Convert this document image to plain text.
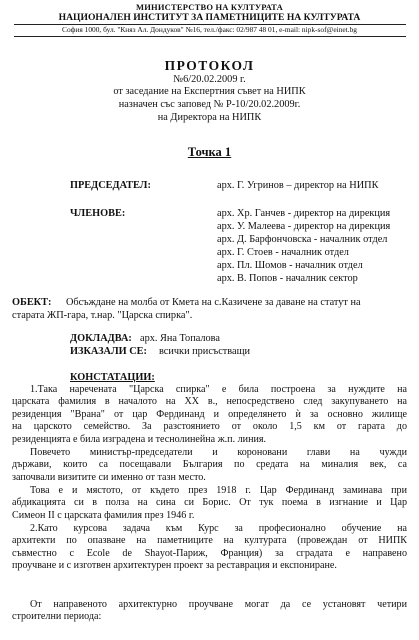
МИНИСТЕРСТВО НА КУЛТУРАТА
НАЦИОНАЛЕН ИНСТИТУТ ЗА ПАМЕТНИЦИТЕ НА КУЛТУРАТА
София 1000, бул. "Княз Ал. Дондуков" №16, тел./факс: 02/987 48 01, e-mail: nipk-sof@einet.bg
ПРОТОКОЛ
№6/20.02.2009 г.
от заседание на Експертния съвет на НИПК
назначен със заповед № Р-10/20.02.2009г.
на Директора на НИПК
Точка 1
ПРЕДСЕДАТЕЛ:	арх. Г. Угринов – директор на НИПК
ЧЛЕНОВЕ:	арх. Хр. Ганчев - директор на дирекция
арх. У. Малеева - директор на дирекция
арх. Д. Барфончовска - началник отдел
арх. Г. Стоев - началник отдел
арх. Пл. Шомов - началник отдел
арх. В. Попов - началник сектор
ОБЕКТ: Обсъждане на молба от Кмета на с.Казичене за даване на статут на
старата ЖП-гара, т.нар. "Царска спирка".
ДОКЛАДВА: арх. Яна Топалова
ИЗКАЗАЛИ СЕ: всички присъстващи
КОНСТАТАЦИИ:
1.Така наречената "Царска спирка" е била построена за нуждите на
царската фамилия в началото на ХХ в., непосредствено след закупуването на
резиденция "Врана" от цар Фердинанд и определянето ѝ за основно жилище
на царското семейство. За разстоянието от около 1,5 км от гарата до
резиденцията е била изградена и теснолинейна ж.п. линия.
Повечето министър-председатели и короновани глави на чужди
държави, които са посещавали България по средата на миналия век, са
започвали визитите си именно от тазн место.
Това е и мястото, от където през 1918 г. Цар Фердинанд заминава при
абдикацията си в полза на сина си Борис. От тук поема в изгнание и Цар
Симеон II с царската фамилия през 1946 г.
2.Като курсова задача към Курс за професионално обучение на
архитекти по опазване на паметниците на културата (провеждан от НИПК
съвместно с Ecole de Shayot-Париж, Франция) за сградата е направено
проучване и с изготвен архитектурен проект за реставрация и експониране.
От направеното архитектурно проучване могат да се установят четири
строителни периода:
